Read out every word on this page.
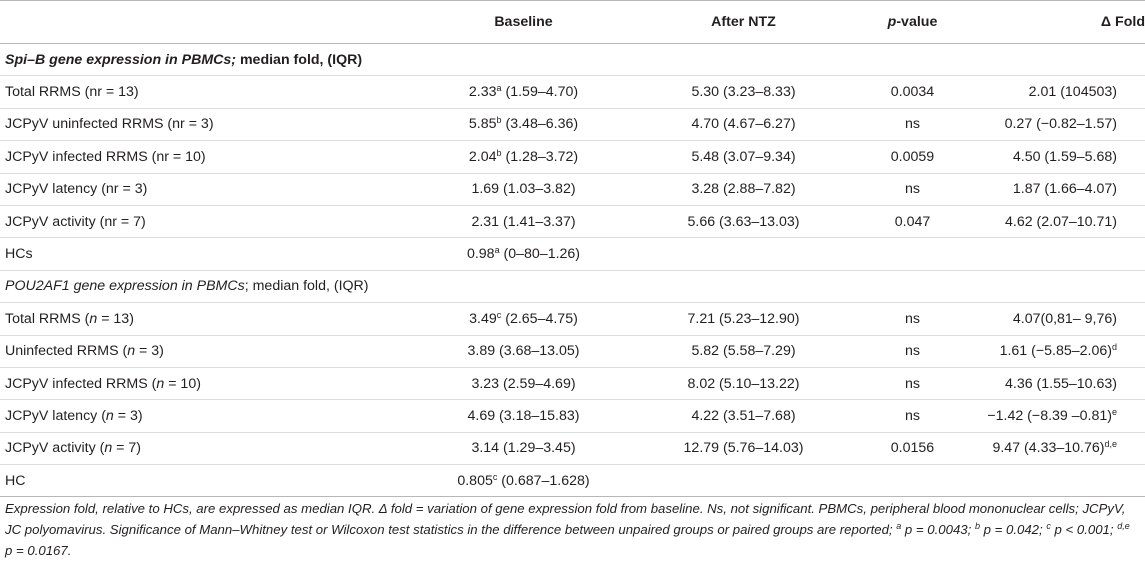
	Baseline	After NTZ	p-value	Δ Fold
Spi–B gene expression in PBMCs; median fold, (IQR)				
Total RRMS (nr = 13)	2.33$^a$ (1.59–4.70)	5.30 (3.23–8.33)	0.0034	2.01 (104503)
JCPyV uninfected RRMS (nr = 3)	5.85$^b$ (3.48–6.36)	4.70 (4.67–6.27)	ns	0.27 (−0.82–1.57)
JCPyV infected RRMS (nr = 10)	2.04$^b$ (1.28–3.72)	5.48 (3.07–9.34)	0.0059	4.50 (1.59–5.68)
JCPyV latency (nr = 3)	1.69 (1.03–3.82)	3.28 (2.88–7.82)	ns	1.87 (1.66–4.07)
JCPyV activity (nr = 7)	2.31 (1.41–3.37)	5.66 (3.63–13.03)	0.047	4.62 (2.07–10.71)
HCs	0.98$^a$ (0–80–1.26)			
POU2AF1 gene expression in PBMCs; median fold, (IQR)				
Total RRMS (n = 13)	3.49$^c$ (2.65–4.75)	7.21 (5.23–12.90)	ns	4.07(0,81– 9,76)
Uninfected RRMS (n = 3)	3.89 (3.68–13.05)	5.82 (5.58–7.29)	ns	1.61 $(-5.85-2.06)^d$
JCPyV infected RRMS (n = 10)	3.23 (2.59–4.69)	8.02 (5.10–13.22)	ns	4.36 (1.55–10.63)
JCPyV latency (n = 3)	4.69 (3.18–15.83)	4.22 (3.51–7.68)	ns	−1.42 (−8.39 –0.81)$^e$
JCPyV activity (n = 7)	3.14 (1.29–3.45)	12.79 (5.76–14.03)	0.0156	9.47 $(4.33-10.76)^{d,e}$
HC	0.805$^c$ (0.687–1.628)			
Expression fold, relative to HCs, are expressed as median IQR. Δ fold = variation of gene expression fold from baseline. Ns, not significant. PBMCs, peripheral blood mononuclear cells; JCPyV, JC polyomavirus. Significance of Mann–Whitney test or Wilcoxon test statistics in the difference between unpaired groups or paired groups are reported; $^a$ p = 0.0043; $^b$ p = 0.042; $^c$ p < 0.001; $^{d,e}$ p = 0.0167.
